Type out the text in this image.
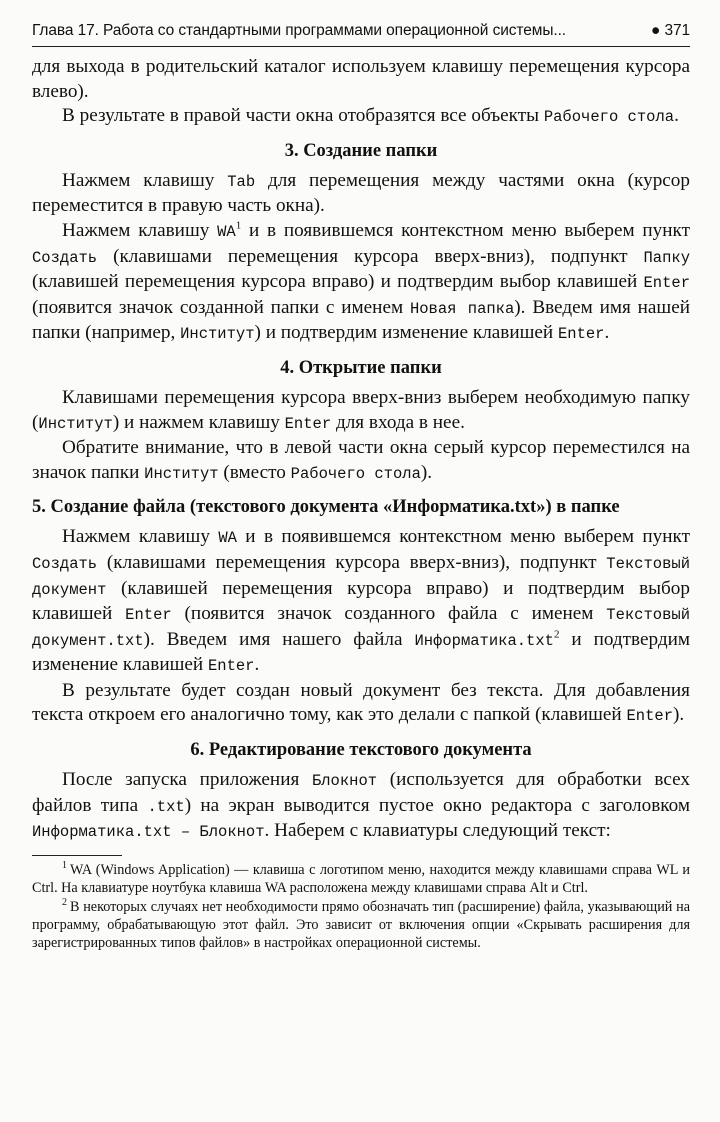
Глава 17. Работа со стандартными программами операционной системы...	● 371

для выхода в родительский каталог используем клавишу перемещения курсора влево).

В результате в правой части окна отобразятся все объекты Рабочего стола.

3. Создание папки

Нажмем клавишу Tab для перемещения между частями окна (курсор переместится в правую часть окна).

Нажмем клавишу $WA^1$ и в появившемся контекстном меню выберем пункт Создать (клавишами перемещения курсора вверх-вниз), подпункт Папку (клавишей перемещения курсора вправо) и подтвердим выбор клавишей Enter (появится значок созданной папки с именем Новая папка). Введем имя нашей папки (например, Институт) и подтвердим изменение клавишей Enter.

4. Открытие папки

Клавишами перемещения курсора вверх-вниз выберем необходимую папку (Институт) и нажмем клавишу Enter для входа в нее.

Обратите внимание, что в левой части окна серый курсор переместился на значок папки Институт (вместо Рабочего стола).

5. Создание файла (текстового документа «Информатика.txt») в папке

Нажмем клавишу WA и в появившемся контекстном меню выберем пункт Создать (клавишами перемещения курсора вверх-вниз), подпункт Текстовый документ (клавишей перемещения курсора вправо) и подтвердим выбор клавишей Enter (появится значок созданного файла с именем Текстовый документ.txt). Введем имя нашего файла Информатика.txt$^2$ и подтвердим изменение клавишей Enter.

В результате будет создан новый документ без текста. Для добавления текста откроем его аналогично тому, как это делали с папкой (клавишей Enter).

6. Редактирование текстового документа

После запуска приложения Блокнот (используется для обработки всех файлов типа .txt) на экран выводится пустое окно редактора с заголовком Информатика.txt – Блокнот. Наберем с клавиатуры следующий текст:

$^1$ WA (Windows Application) — клавиша с логотипом меню, находится между клавишами справа WL и Ctrl. На клавиатуре ноутбука клавиша WA расположена между клавишами справа Alt и Ctrl.

$^2$ В некоторых случаях нет необходимости прямо обозначать тип (расширение) файла, указывающий на программу, обрабатывающую этот файл. Это зависит от включения опции «Скрывать расширения для зарегистрированных типов файлов» в настройках операционной системы.
